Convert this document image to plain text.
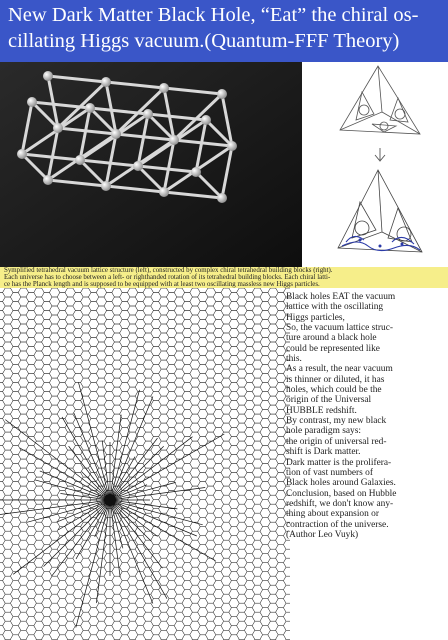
New Dark Matter Black Hole, “Eat” the chiral os-
cillating Higgs vacuum.(Quantum-FFF Theory)
Symplified tetrahedral vacuum lattice structure (left), constructed by complex chiral tetrahedral building blocks (right).
Each universe has to choose between a left- or righthanded rotation of its tetrahedral building blocks. Each chiral latti-
ce has the Planck length and is supposed to be equipped with at least two oscillating massless new Higgs particles.
Black holes EAT the vacuum
lattice with the oscillating
Higgs particles,
So, the vacuum lattice struc-
ture around a black hole
could be represented like
this.
As a result, the near vacuum
is thinner or diluted, it has
holes, which could be the
origin of the Universal
HUBBLE redshift.
By contrast, my new black
hole paradigm says:
the origin of universal red-
shift is Dark matter.
Dark matter is the prolifera-
tion of vast numbers of
Black holes around Galaxies.
Conclusion, based on Hubble
redshift, we don't know any-
thing about expansion or
contraction of the universe.
(Author Leo Vuyk)
